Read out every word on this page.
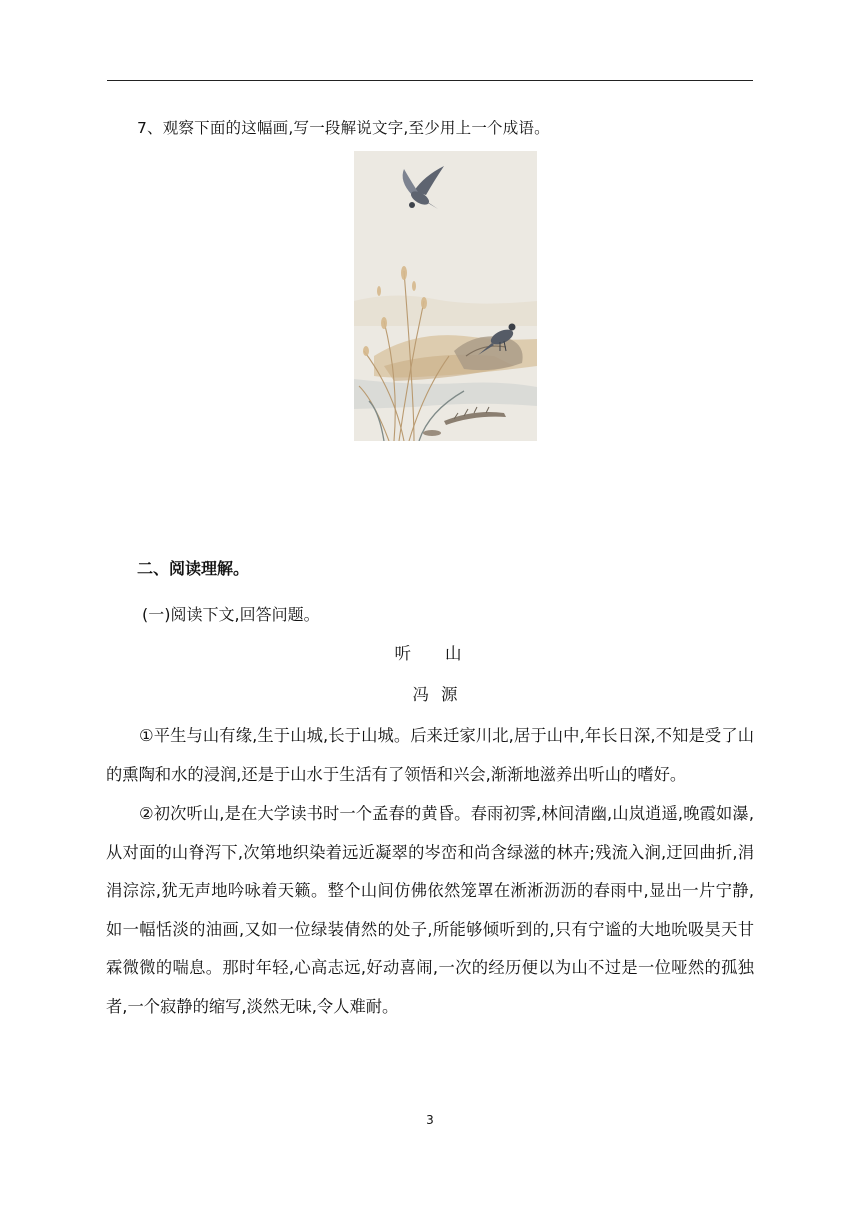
7、观察下面的这幅画,写一段解说文字,至少用上一个成语。
二、阅读理解。
(一)阅读下文,回答问题。
听山
冯源
①平生与山有缘,生于山城,长于山城。后来迁家川北,居于山中,年长日深,不知是受了山的熏陶和水的浸润,还是于山水于生活有了领悟和兴会,渐渐地滋养出听山的嗜好。
②初次听山,是在大学读书时一个孟春的黄昏。春雨初霁,林间清幽,山岚逍遥,晚霞如瀑,从对面的山脊泻下,次第地织染着远近凝翠的岑峦和尚含绿滋的林卉;残流入涧,迂回曲折,涓涓淙淙,犹无声地吟咏着天籁。整个山间仿佛依然笼罩在淅淅沥沥的春雨中,显出一片宁静,如一幅恬淡的油画,又如一位绿装倩然的处子,所能够倾听到的,只有宁谧的大地吮吸昊天甘霖微微的喘息。那时年轻,心高志远,好动喜闹,一次的经历便以为山不过是一位哑然的孤独者,一个寂静的缩写,淡然无味,令人难耐。
3
